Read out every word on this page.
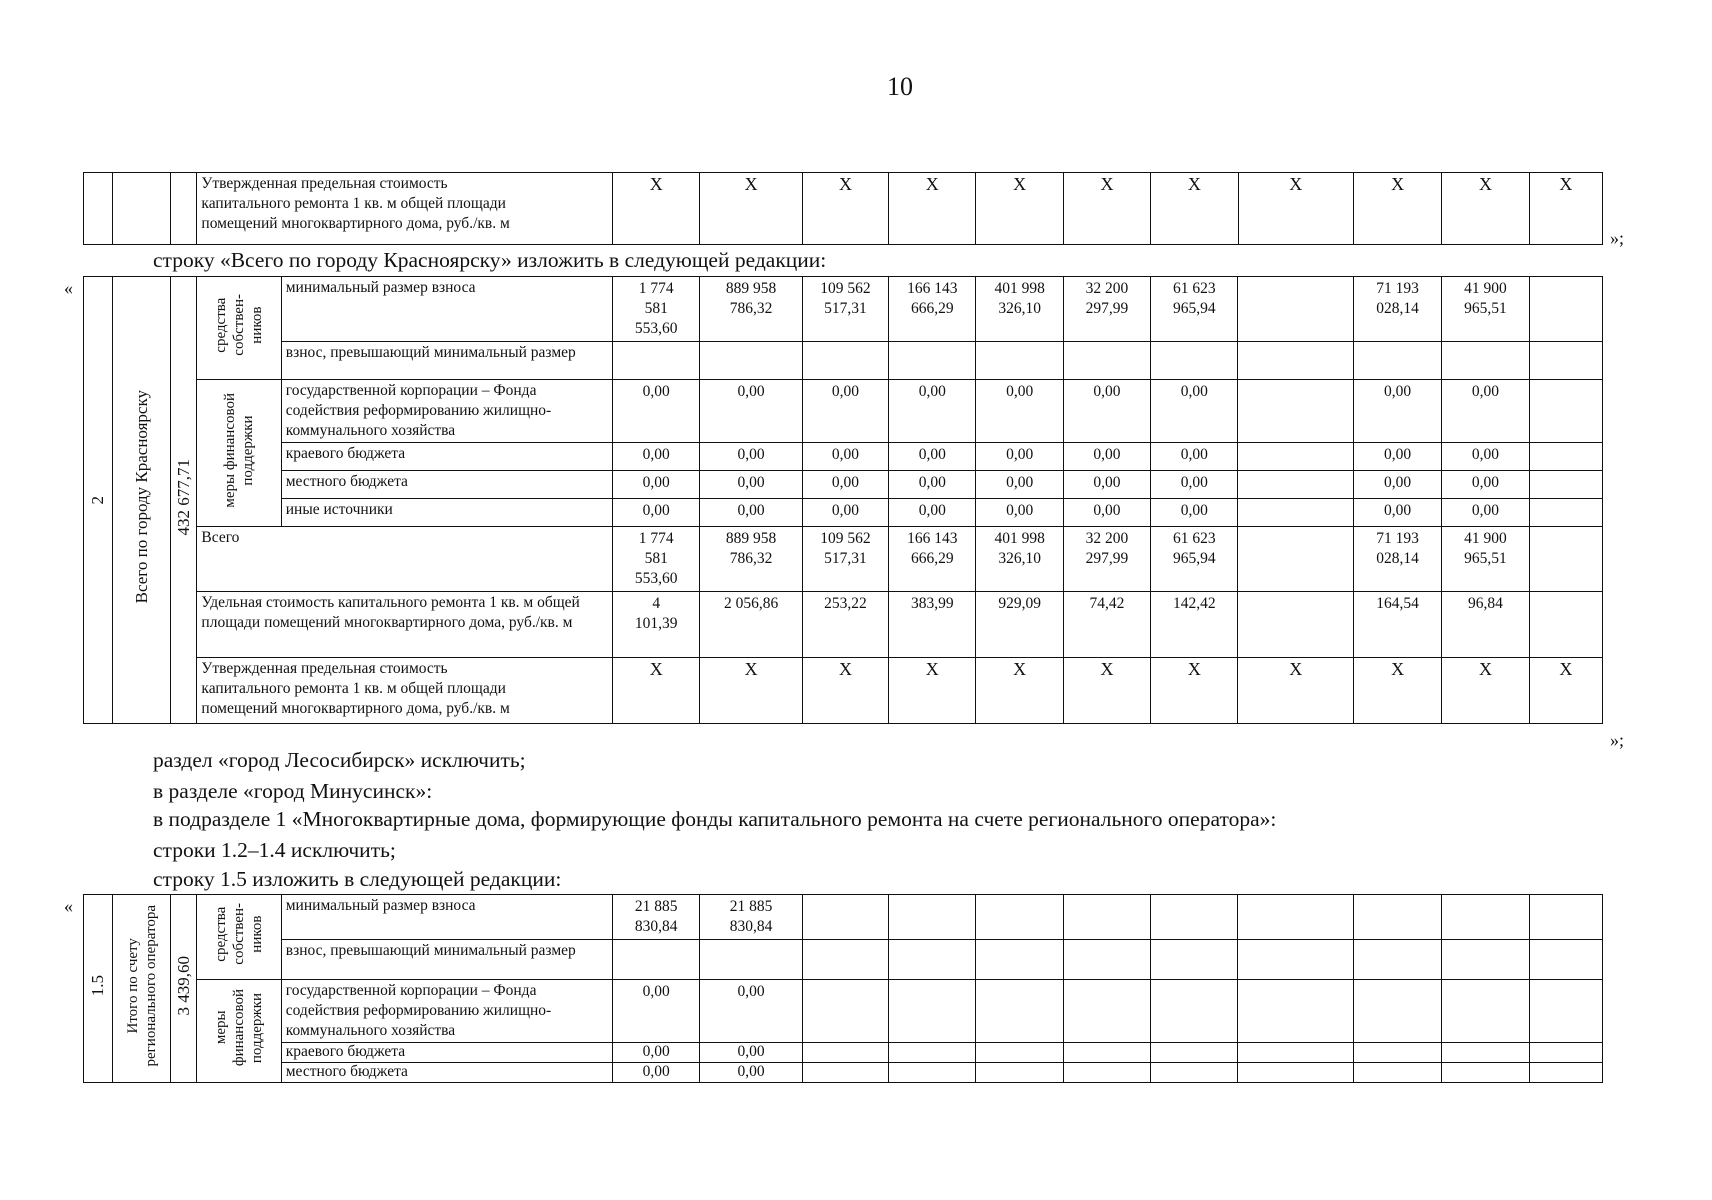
10
			Утвержденная предельная стоимость
капитального ремонта 1 кв. м общей площади
помещений многоквартирного дома, руб./кв. м	X	X	X	X	X	X	X	X	X	X	X
»;
строку «Всего по городу Красноярску» изложить в следующей редакции:
«
2	Всего по городу Красноярску	432 677,71	средства
собствен-
ников	минимальный размер взноса	1 774
581
553,60	889 958
786,32	109 562
517,31	166 143
666,29	401 998
326,10	32 200
297,99	61 623
965,94		71 193
028,14	41 900
965,51	
				взнос, превышающий минимальный размер											
			меры финансовой
поддержки	государственной корпорации – Фонда содействия реформированию жилищно-коммунального хозяйства	0,00	0,00	0,00	0,00	0,00	0,00	0,00		0,00	0,00	
				краевого бюджета	0,00	0,00	0,00	0,00	0,00	0,00	0,00		0,00	0,00	
				местного бюджета	0,00	0,00	0,00	0,00	0,00	0,00	0,00		0,00	0,00	
				иные источники	0,00	0,00	0,00	0,00	0,00	0,00	0,00		0,00	0,00	
			Всего		1 774
581
553,60	889 958
786,32	109 562
517,31	166 143
666,29	401 998
326,10	32 200
297,99	61 623
965,94		71 193
028,14	41 900
965,51	
			Удельная стоимость капитального ремонта 1 кв. м общей площади помещений многоквартирного дома, руб./кв. м		4
101,39	2 056,86	253,22	383,99	929,09	74,42	142,42		164,54	96,84	
			Утвержденная предельная стоимость
капитального ремонта 1 кв. м общей площади
помещений многоквартирного дома, руб./кв. м		X	X	X	X	X	X	X	X	X	X	X
»;
раздел «город Лесосибирск» исключить;
в разделе «город Минусинск»:
в подразделе 1 «Многоквартирные дома, формирующие фонды капитального ремонта на счете регионального оператора»:
строки 1.2–1.4 исключить;
строку 1.5 изложить в следующей редакции:
«
1.5	Итого по счету
регионального оператора	3 439,60	средства
собствен-
ников	минимальный размер взноса	21 885
830,84	21 885
830,84									
				взнос, превышающий минимальный размер											
			меры
финансовой
поддержки	государственной корпорации – Фонда содействия реформированию жилищно-коммунального хозяйства	0,00	0,00									
				краевого бюджета	0,00	0,00									
				местного бюджета	0,00	0,00									
